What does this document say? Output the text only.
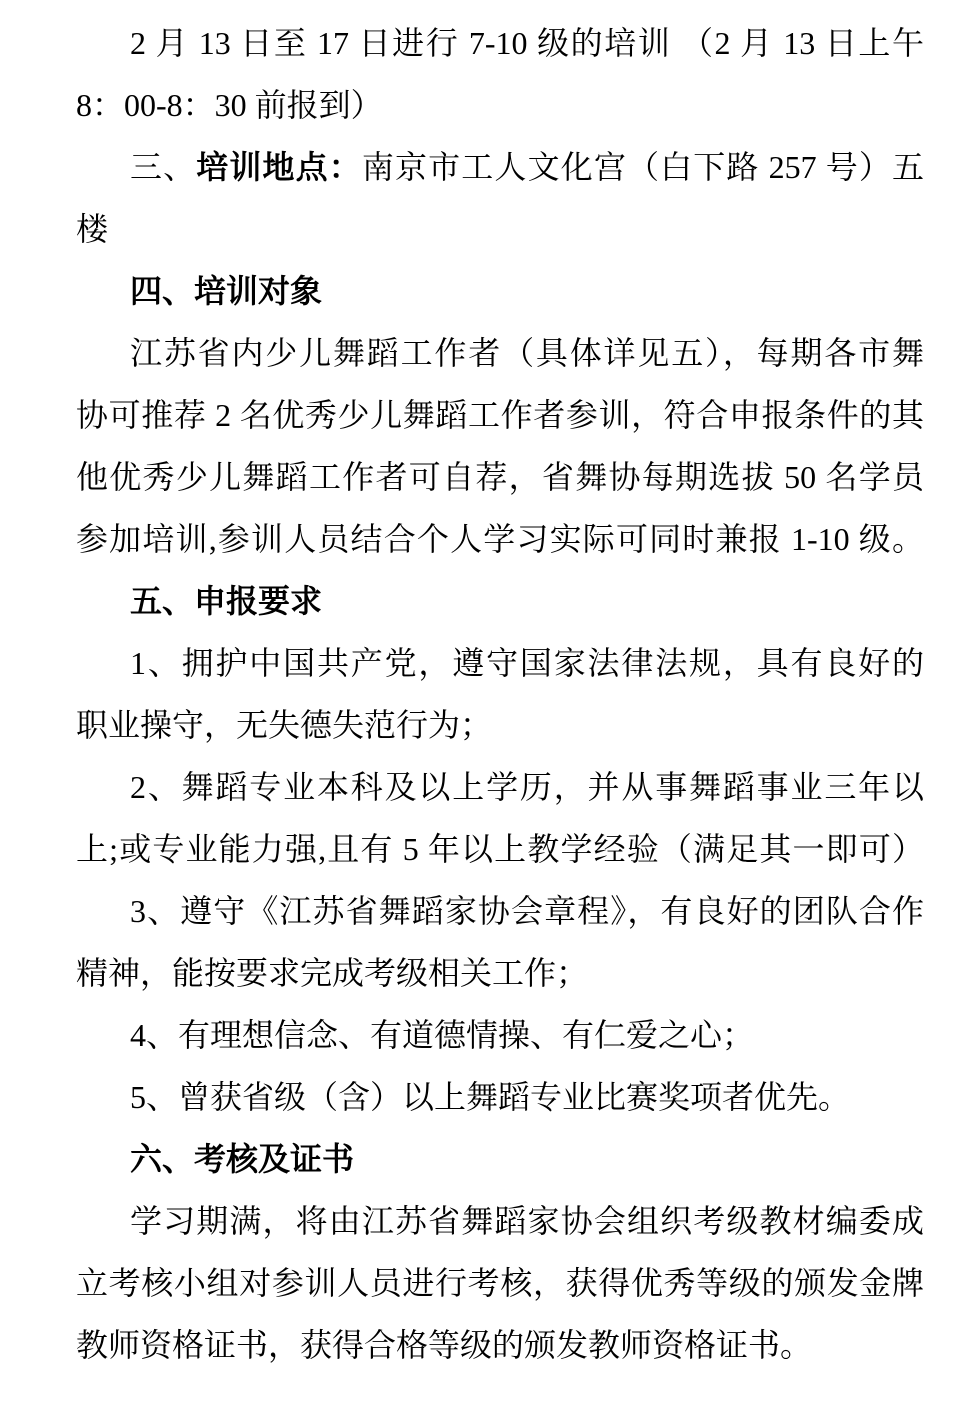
2 月 13 日至 17 日进行 7-10 级的培训 （2 月 13 日上午
8：00-8：30 前报到）
三、培训地点：南京市工人文化宫（白下路 257 号）五
楼
四、培训对象
江苏省内少儿舞蹈工作者（具体详见五），每期各市舞
协可推荐 2 名优秀少儿舞蹈工作者参训，符合申报条件的其
他优秀少儿舞蹈工作者可自荐，省舞协每期选拔 50 名学员
参加培训,参训人员结合个人学习实际可同时兼报 1-10 级。
五、申报要求
1、拥护中国共产党，遵守国家法律法规，具有良好的
职业操守，无失德失范行为；
2、舞蹈专业本科及以上学历，并从事舞蹈事业三年以
上;或专业能力强,且有 5 年以上教学经验（满足其一即可）
3、遵守《江苏省舞蹈家协会章程》，有良好的团队合作
精神，能按要求完成考级相关工作；
4、有理想信念、有道德情操、有仁爱之心；
5、曾获省级（含）以上舞蹈专业比赛奖项者优先。
六、考核及证书
学习期满，将由江苏省舞蹈家协会组织考级教材编委成
立考核小组对参训人员进行考核，获得优秀等级的颁发金牌
教师资格证书，获得合格等级的颁发教师资格证书。
